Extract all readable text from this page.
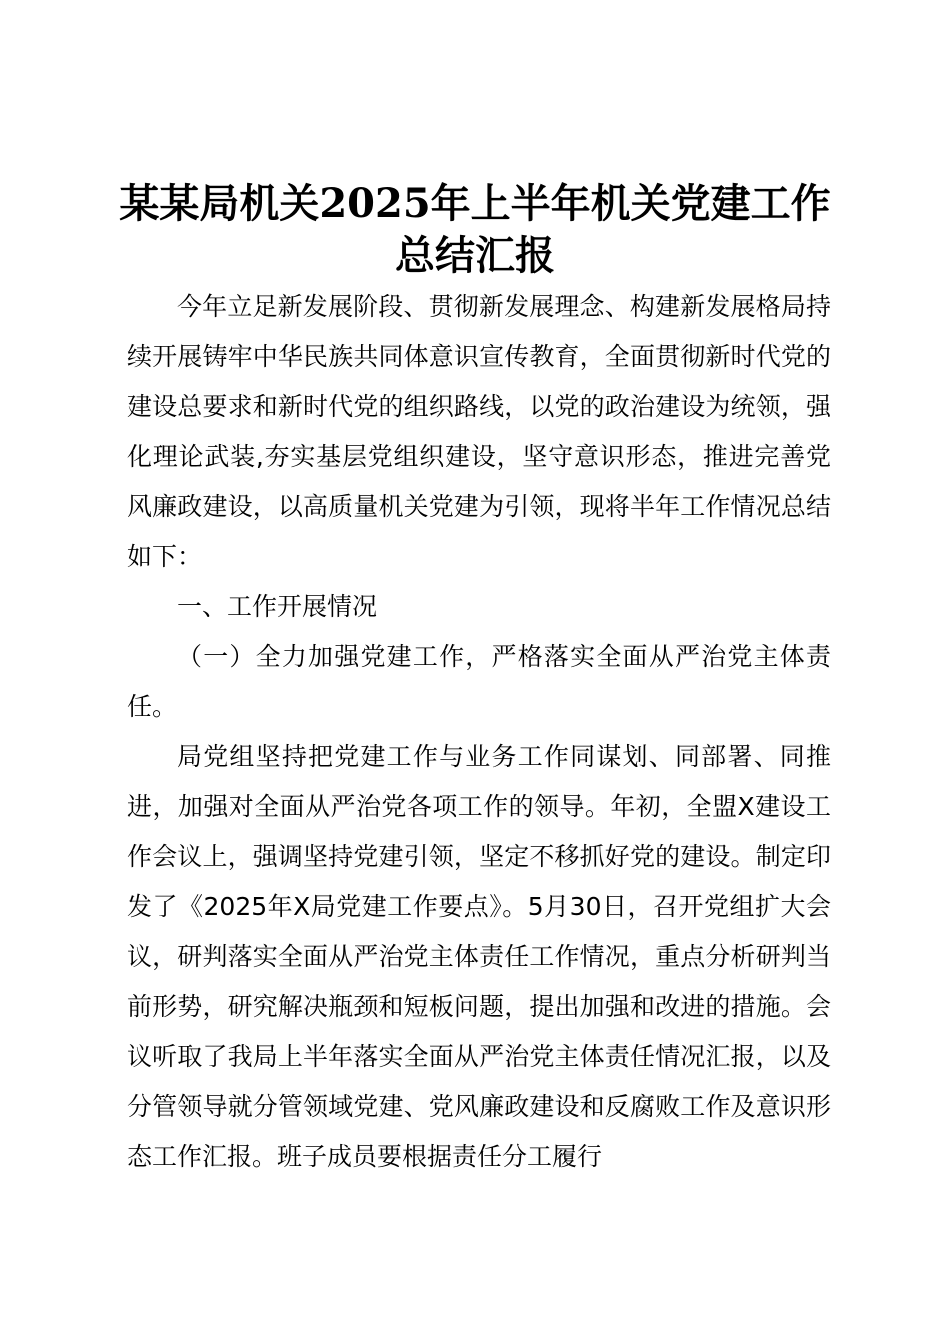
某某局机关2025年上半年机关党建工作总结汇报

今年立足新发展阶段、贯彻新发展理念、构建新发展格局持续开展铸牢中华民族共同体意识宣传教育，全面贯彻新时代党的建设总要求和新时代党的组织路线，以党的政治建设为统领，强化理论武装,夯实基层党组织建设，坚守意识形态，推进完善党风廉政建设，以高质量机关党建为引领，现将半年工作情况总结如下：

一、工作开展情况

（一）全力加强党建工作，严格落实全面从严治党主体责任。

局党组坚持把党建工作与业务工作同谋划、同部署、同推进，加强对全面从严治党各项工作的领导。年初，全盟X建设工作会议上，强调坚持党建引领，坚定不移抓好党的建设。制定印发了《2025年X局党建工作要点》。5月30日，召开党组扩大会议，研判落实全面从严治党主体责任工作情况，重点分析研判当前形势，研究解决瓶颈和短板问题，提出加强和改进的措施。会议听取了我局上半年落实全面从严治党主体责任情况汇报，以及分管领导就分管领域党建、党风廉政建设和反腐败工作及意识形态工作汇报。班子成员要根据责任分工履行
